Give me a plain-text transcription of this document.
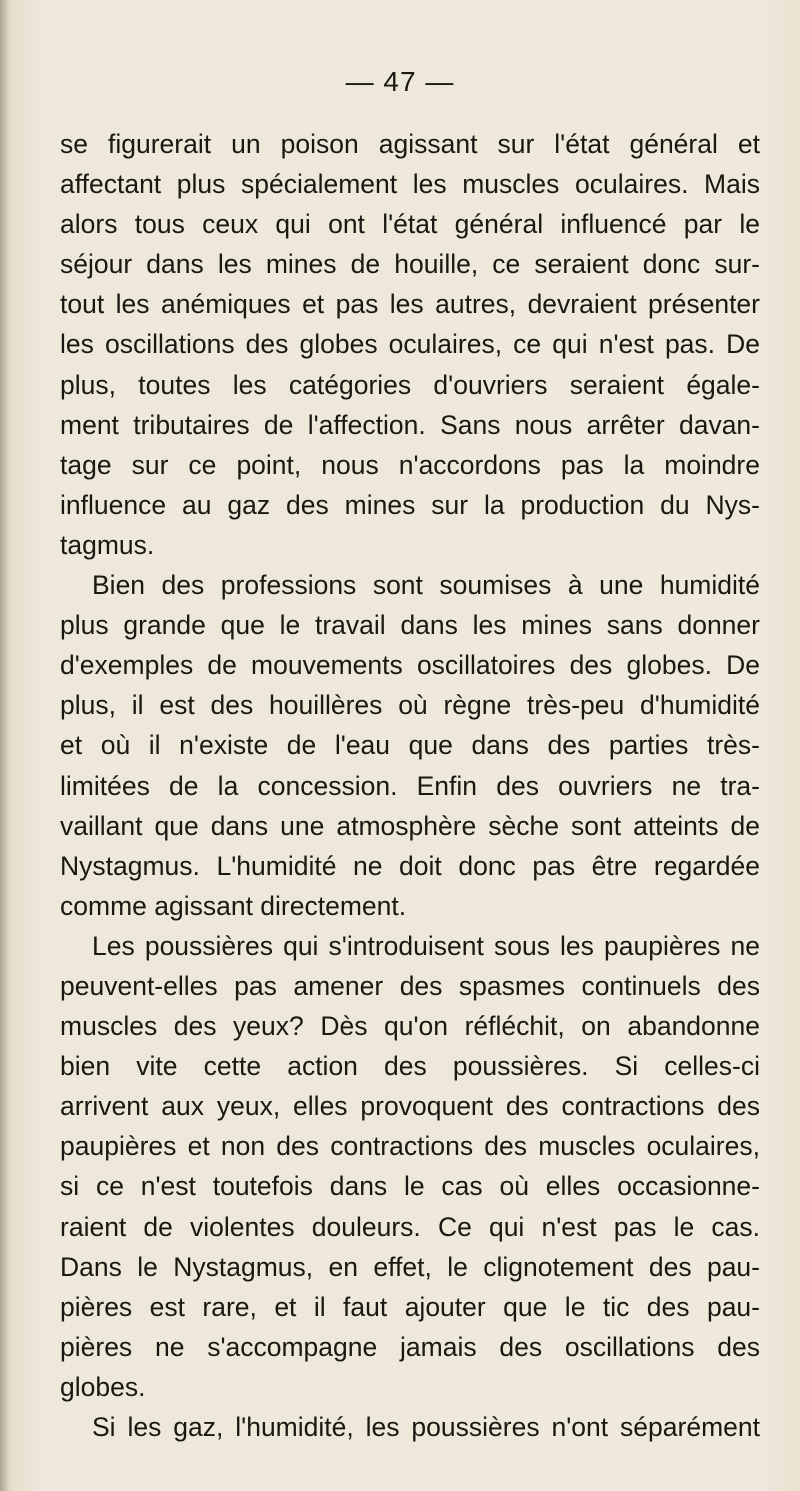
— 47 —
se figurerait un poison agissant sur l'état général et
affectant plus spécialement les muscles oculaires. Mais
alors tous ceux qui ont l'état général influencé par le
séjour dans les mines de houille, ce seraient donc sur-
tout les anémiques et pas les autres, devraient présenter
les oscillations des globes oculaires, ce qui n'est pas. De
plus, toutes les catégories d'ouvriers seraient égale-
ment tributaires de l'affection. Sans nous arrêter davan-
tage sur ce point, nous n'accordons pas la moindre
influence au gaz des mines sur la production du Nys-
tagmus.
Bien des professions sont soumises à une humidité
plus grande que le travail dans les mines sans donner
d'exemples de mouvements oscillatoires des globes. De
plus, il est des houillères où règne très-peu d'humidité
et où il n'existe de l'eau que dans des parties très-
limitées de la concession. Enfin des ouvriers ne tra-
vaillant que dans une atmosphère sèche sont atteints de
Nystagmus. L'humidité ne doit donc pas être regardée
comme agissant directement.
Les poussières qui s'introduisent sous les paupières ne
peuvent-elles pas amener des spasmes continuels des
muscles des yeux? Dès qu'on réfléchit, on abandonne
bien vite cette action des poussières. Si celles-ci
arrivent aux yeux, elles provoquent des contractions des
paupières et non des contractions des muscles oculaires,
si ce n'est toutefois dans le cas où elles occasionne-
raient de violentes douleurs. Ce qui n'est pas le cas.
Dans le Nystagmus, en effet, le clignotement des pau-
pières est rare, et il faut ajouter que le tic des pau-
pières ne s'accompagne jamais des oscillations des
globes.
Si les gaz, l'humidité, les poussières n'ont séparément
